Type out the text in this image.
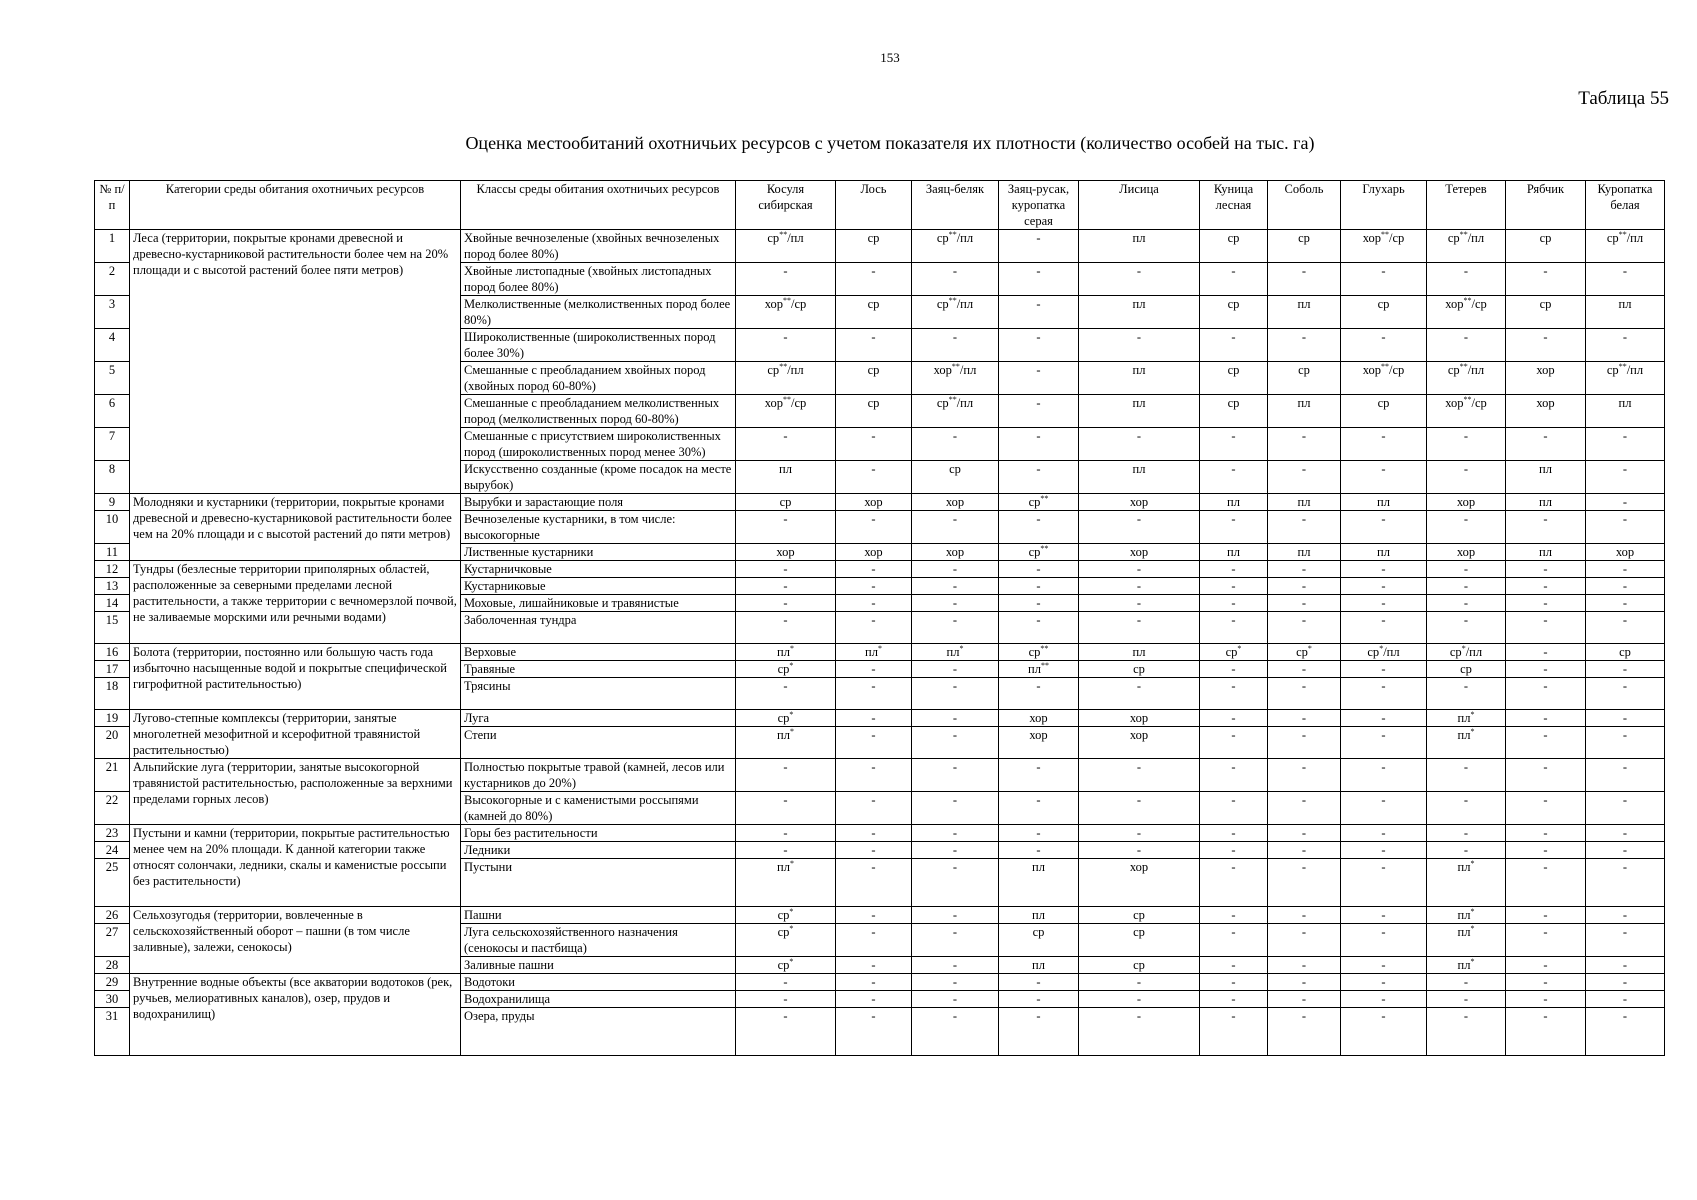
153
Таблица 55
Оценка местообитаний охотничьих ресурсов с учетом показателя их плотности (количество особей на тыс. га)
№ п/п	Категории среды обитания охотничьих ресурсов	Классы среды обитания охотничьих ресурсов	Косуля сибирская	Лось	Заяц-беляк	Заяц-русак, куропатка серая	Лисица	Куница лесная	Соболь	Глухарь	Тетерев	Рябчик	Куропатка белая
1	Леса (территории, покрытые кронами древесной и древесно-кустарниковой растительности более чем на 20% площади и с высотой растений более пяти метров)	Хвойные вечнозеленые (хвойных вечнозеленых пород более 80%)	ср**/пл	ср	ср**/пл	-	пл	ср	ср	хор**/ср	ср**/пл	ср	ср**/пл
2		Хвойные листопадные (хвойных листопадных пород более 80%)	-	-	-	-	-	-	-	-	-	-	-
3		Мелколиственные (мелколиственных пород более 80%)	хор**/ср	ср	ср**/пл	-	пл	ср	пл	ср	хор**/ср	ср	пл
4		Широколиственные (широколиственных пород более 30%)	-	-	-	-	-	-	-	-	-	-	-
5		Смешанные с преобладанием хвойных пород (хвойных пород 60-80%)	ср**/пл	ср	хор**/пл	-	пл	ср	ср	хор**/ср	ср**/пл	хор	ср**/пл
6		Смешанные с преобладанием мелколиственных пород (мелколиственных пород 60-80%)	хор**/ср	ср	ср**/пл	-	пл	ср	пл	ср	хор**/ср	хор	пл
7		Смешанные с присутствием широколиственных пород (широколиственных пород менее 30%)	-	-	-	-	-	-	-	-	-	-	-
8		Искусственно созданные (кроме посадок на месте вырубок)	пл	-	ср	-	пл	-	-	-	-	пл	-
9	Молодняки и кустарники (территории, покрытые кронами древесной и древесно-кустарниковой растительности более чем на 20% площади и с высотой растений до пяти метров)	Вырубки и зарастающие поля	ср	хор	хор	ср**	хор	пл	пл	пл	хор	пл	-
10		Вечнозеленые кустарники, в том числе: высокогорные	-	-	-	-	-	-	-	-	-	-	-
11		Лиственные кустарники	хор	хор	хор	ср**	хор	пл	пл	пл	хор	пл	хор
12	Тундры (безлесные территории приполярных областей, расположенные за северными пределами лесной растительности, а также территории с вечномерзлой почвой, не заливаемые морскими или речными водами)	Кустарничковые	-	-	-	-	-	-	-	-	-	-	-
13		Кустарниковые	-	-	-	-	-	-	-	-	-	-	-
14		Моховые, лишайниковые и травянистые	-	-	-	-	-	-	-	-	-	-	-
15		Заболоченная тундра	-	-	-	-	-	-	-	-	-	-	-
16	Болота (территории, постоянно или большую часть года избыточно насыщенные водой и покрытые специфической гигрофитной растительностью)	Верховые	пл*	пл*	пл*	ср**	пл	ср*	ср*	ср*/пл	ср*/пл	-	ср
17		Травяные	ср*	-	-	пл**	ср	-	-	-	ср	-	-
18		Трясины	-	-	-	-	-	-	-	-	-	-	-
19	Лугово-степные комплексы (территории, занятые многолетней мезофитной и ксерофитной травянистой растительностью)	Луга	ср*	-	-	хор	хор	-	-	-	пл*	-	-
20		Степи	пл*	-	-	хор	хор	-	-	-	пл*	-	-
21	Альпийские луга (территории, занятые высокогорной травянистой растительностью, расположенные за верхними пределами горных лесов)	Полностью покрытые травой (камней, лесов или кустарников до 20%)	-	-	-	-	-	-	-	-	-	-	-
22		Высокогорные и с каменистыми россыпями (камней до 80%)	-	-	-	-	-	-	-	-	-	-	-
23	Пустыни и камни (территории, покрытые растительностью менее чем на 20% площади. К данной категории также относят солончаки, ледники, скалы и каменистые россыпи без растительности)	Горы без растительности	-	-	-	-	-	-	-	-	-	-	-
24		Ледники	-	-	-	-	-	-	-	-	-	-	-
25		Пустыни	пл*	-	-	пл	хор	-	-	-	пл*	-	-
26	Сельхозугодья (территории, вовлеченные в сельскохозяйственный оборот – пашни (в том числе заливные), залежи, сенокосы)	Пашни	ср*	-	-	пл	ср	-	-	-	пл*	-	-
27		Луга сельскохозяйственного назначения (сенокосы и пастбища)	ср*	-	-	ср	ср	-	-	-	пл*	-	-
28		Заливные пашни	ср*	-	-	пл	ср	-	-	-	пл*	-	-
29	Внутренние водные объекты (все акватории водотоков (рек, ручьев, мелиоративных каналов), озер, прудов и водохранилищ)	Водотоки	-	-	-	-	-	-	-	-	-	-	-
30		Водохранилища	-	-	-	-	-	-	-	-	-	-	-
31		Озера, пруды	-	-	-	-	-	-	-	-	-	-	-
